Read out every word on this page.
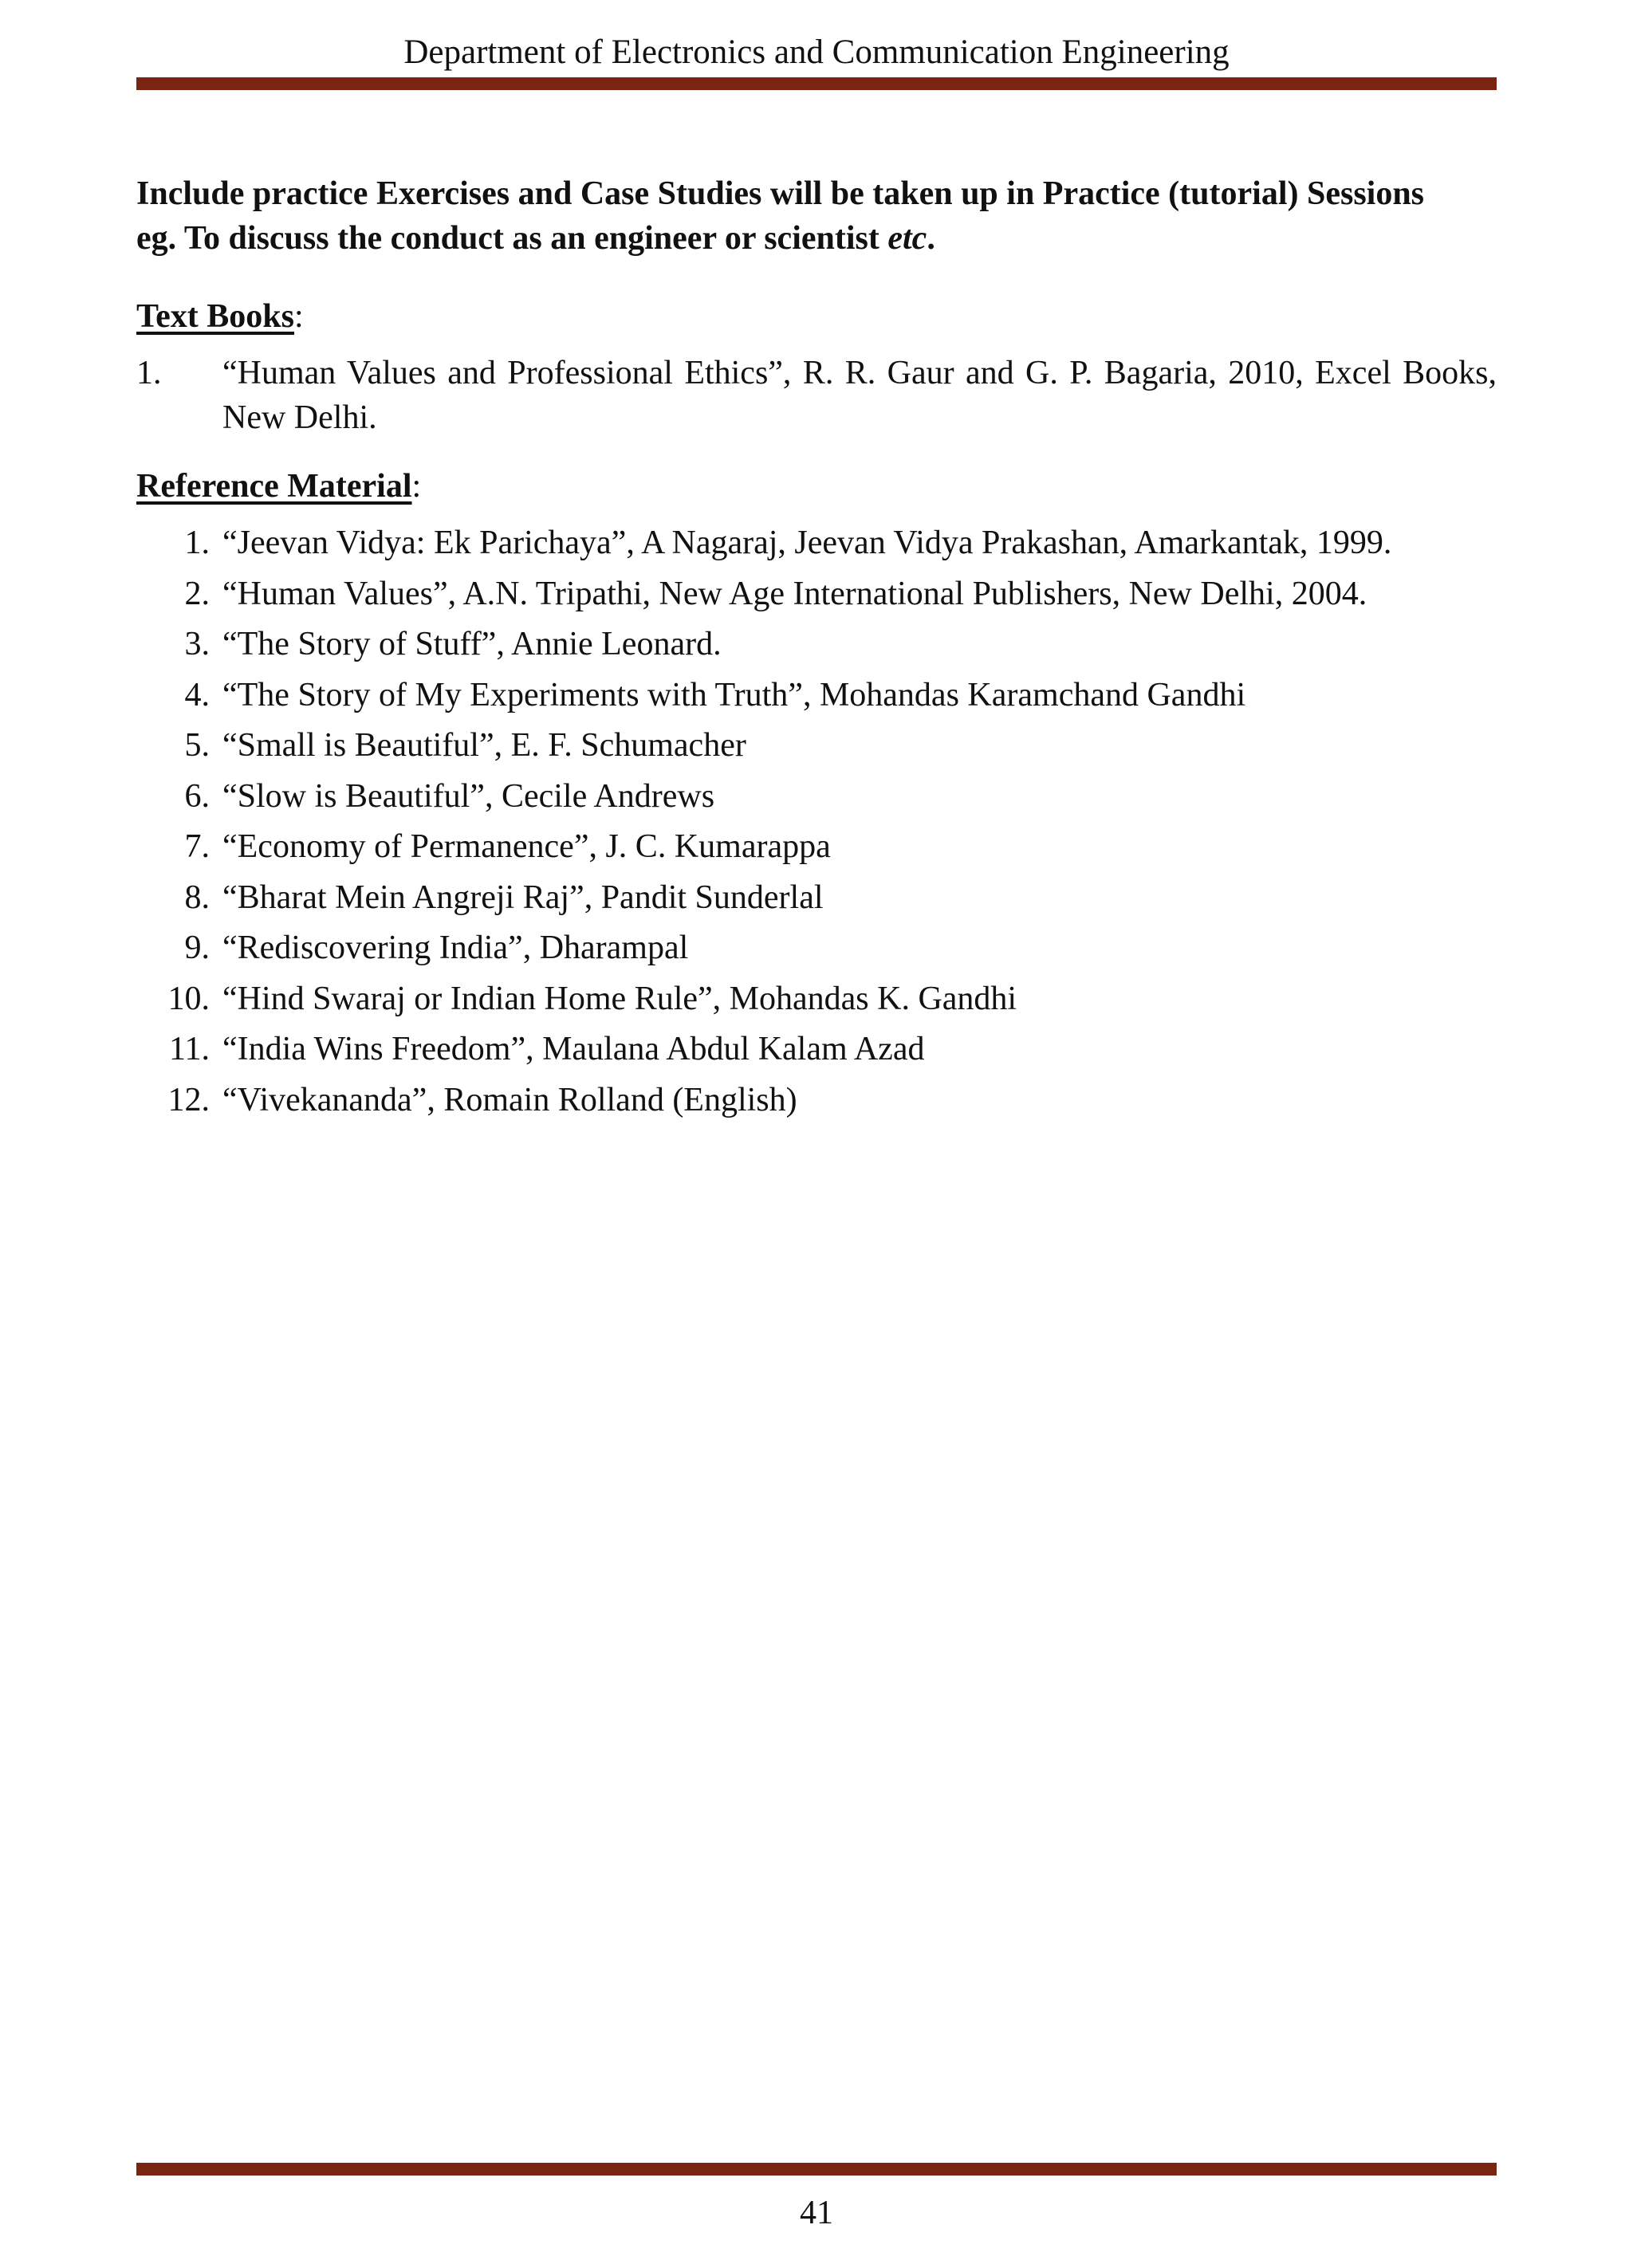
Department of Electronics and Communication Engineering
Include practice Exercises and Case Studies will be taken up in Practice (tutorial) Sessions
eg. To discuss the conduct as an engineer or scientist etc.
Text Books:
1.	“Human Values and Professional Ethics”, R. R. Gaur and G. P. Bagaria, 2010, Excel Books, New Delhi.
Reference Material:
1. “Jeevan Vidya: Ek Parichaya”, A Nagaraj, Jeevan Vidya Prakashan, Amarkantak, 1999.
2. “Human Values”, A.N. Tripathi, New Age International Publishers, New Delhi, 2004.
3. “The Story of Stuff”, Annie Leonard.
4. “The Story of My Experiments with Truth”, Mohandas Karamchand Gandhi
5. “Small is Beautiful”, E. F. Schumacher
6. “Slow is Beautiful”, Cecile Andrews
7. “Economy of Permanence”, J. C. Kumarappa
8. “Bharat Mein Angreji Raj”, Pandit Sunderlal
9. “Rediscovering India”, Dharampal
10. “Hind Swaraj or Indian Home Rule”, Mohandas K. Gandhi
11. “India Wins Freedom”, Maulana Abdul Kalam Azad
12. “Vivekananda”, Romain Rolland (English)
41
